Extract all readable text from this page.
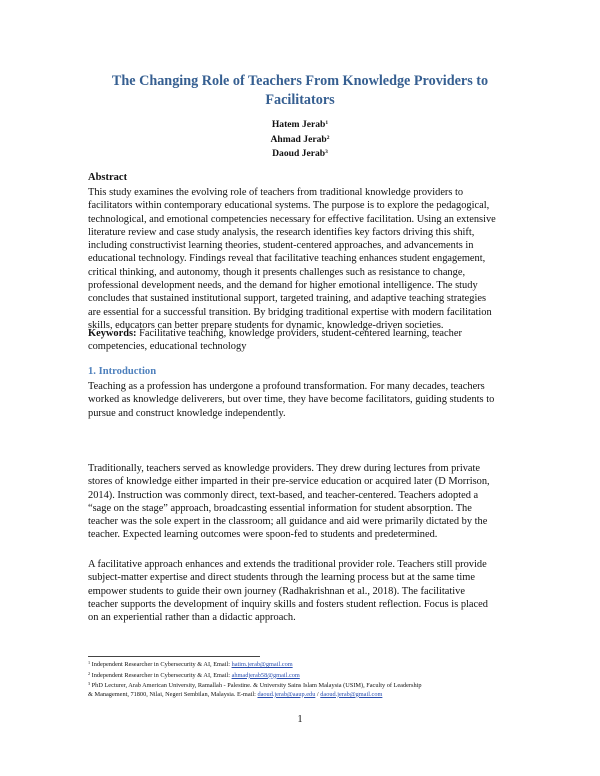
The Changing Role of Teachers From Knowledge Providers to
Facilitators
Hatem Jerab$^1$
Ahmad Jerab$^2$
Daoud Jerab$^3$
Abstract
This study examines the evolving role of teachers from traditional knowledge providers to
facilitators within contemporary educational systems. The purpose is to explore the pedagogical,
technological, and emotional competencies necessary for effective facilitation. Using an extensive
literature review and case study analysis, the research identifies key factors driving this shift,
including constructivist learning theories, student-centered approaches, and advancements in
educational technology. Findings reveal that facilitative teaching enhances student engagement,
critical thinking, and autonomy, though it presents challenges such as resistance to change,
professional development needs, and the demand for higher emotional intelligence. The study
concludes that sustained institutional support, targeted training, and adaptive teaching strategies
are essential for a successful transition. By bridging traditional expertise with modern facilitation
skills, educators can better prepare students for dynamic, knowledge-driven societies.
Keywords: Facilitative teaching, knowledge providers, student-centered learning, teacher
competencies, educational technology
1. Introduction
Teaching as a profession has undergone a profound transformation. For many decades, teachers
worked as knowledge deliverers, but over time, they have become facilitators, guiding students to
pursue and construct knowledge independently.
Traditionally, teachers served as knowledge providers. They drew during lectures from private
stores of knowledge either imparted in their pre-service education or acquired later (D Morrison,
2014). Instruction was commonly direct, text-based, and teacher-centered. Teachers adopted a
“sage on the stage” approach, broadcasting essential information for student absorption. The
teacher was the sole expert in the classroom; all guidance and aid were primarily dictated by the
teacher. Expected learning outcomes were spoon-fed to students and predetermined.
A facilitative approach enhances and extends the traditional provider role. Teachers still provide
subject-matter expertise and direct students through the learning process but at the same time
empower students to guide their own journey (Radhakrishnan et al., 2018). The facilitative
teacher supports the development of inquiry skills and fosters student reflection. Focus is placed
on an experiential rather than a didactic approach.
$^1$ Independent Researcher in Cybersecurity & AI, Email: hatim.jerab@gmail.com
$^2$ Independent Researcher in Cybersecurity & AI, Email: ahmadjerab58@gmail.com
$^3$ PhD Lecturer, Arab American University, Ramallah - Palestine. & University Sains Islam Malaysia (USIM), Faculty of Leadership
& Management, 71800, Nilai, Negeri Sembilan, Malaysia. E-mail: daoud.jerab@aaup.edu / daoud.jerab@gmail.com
1
